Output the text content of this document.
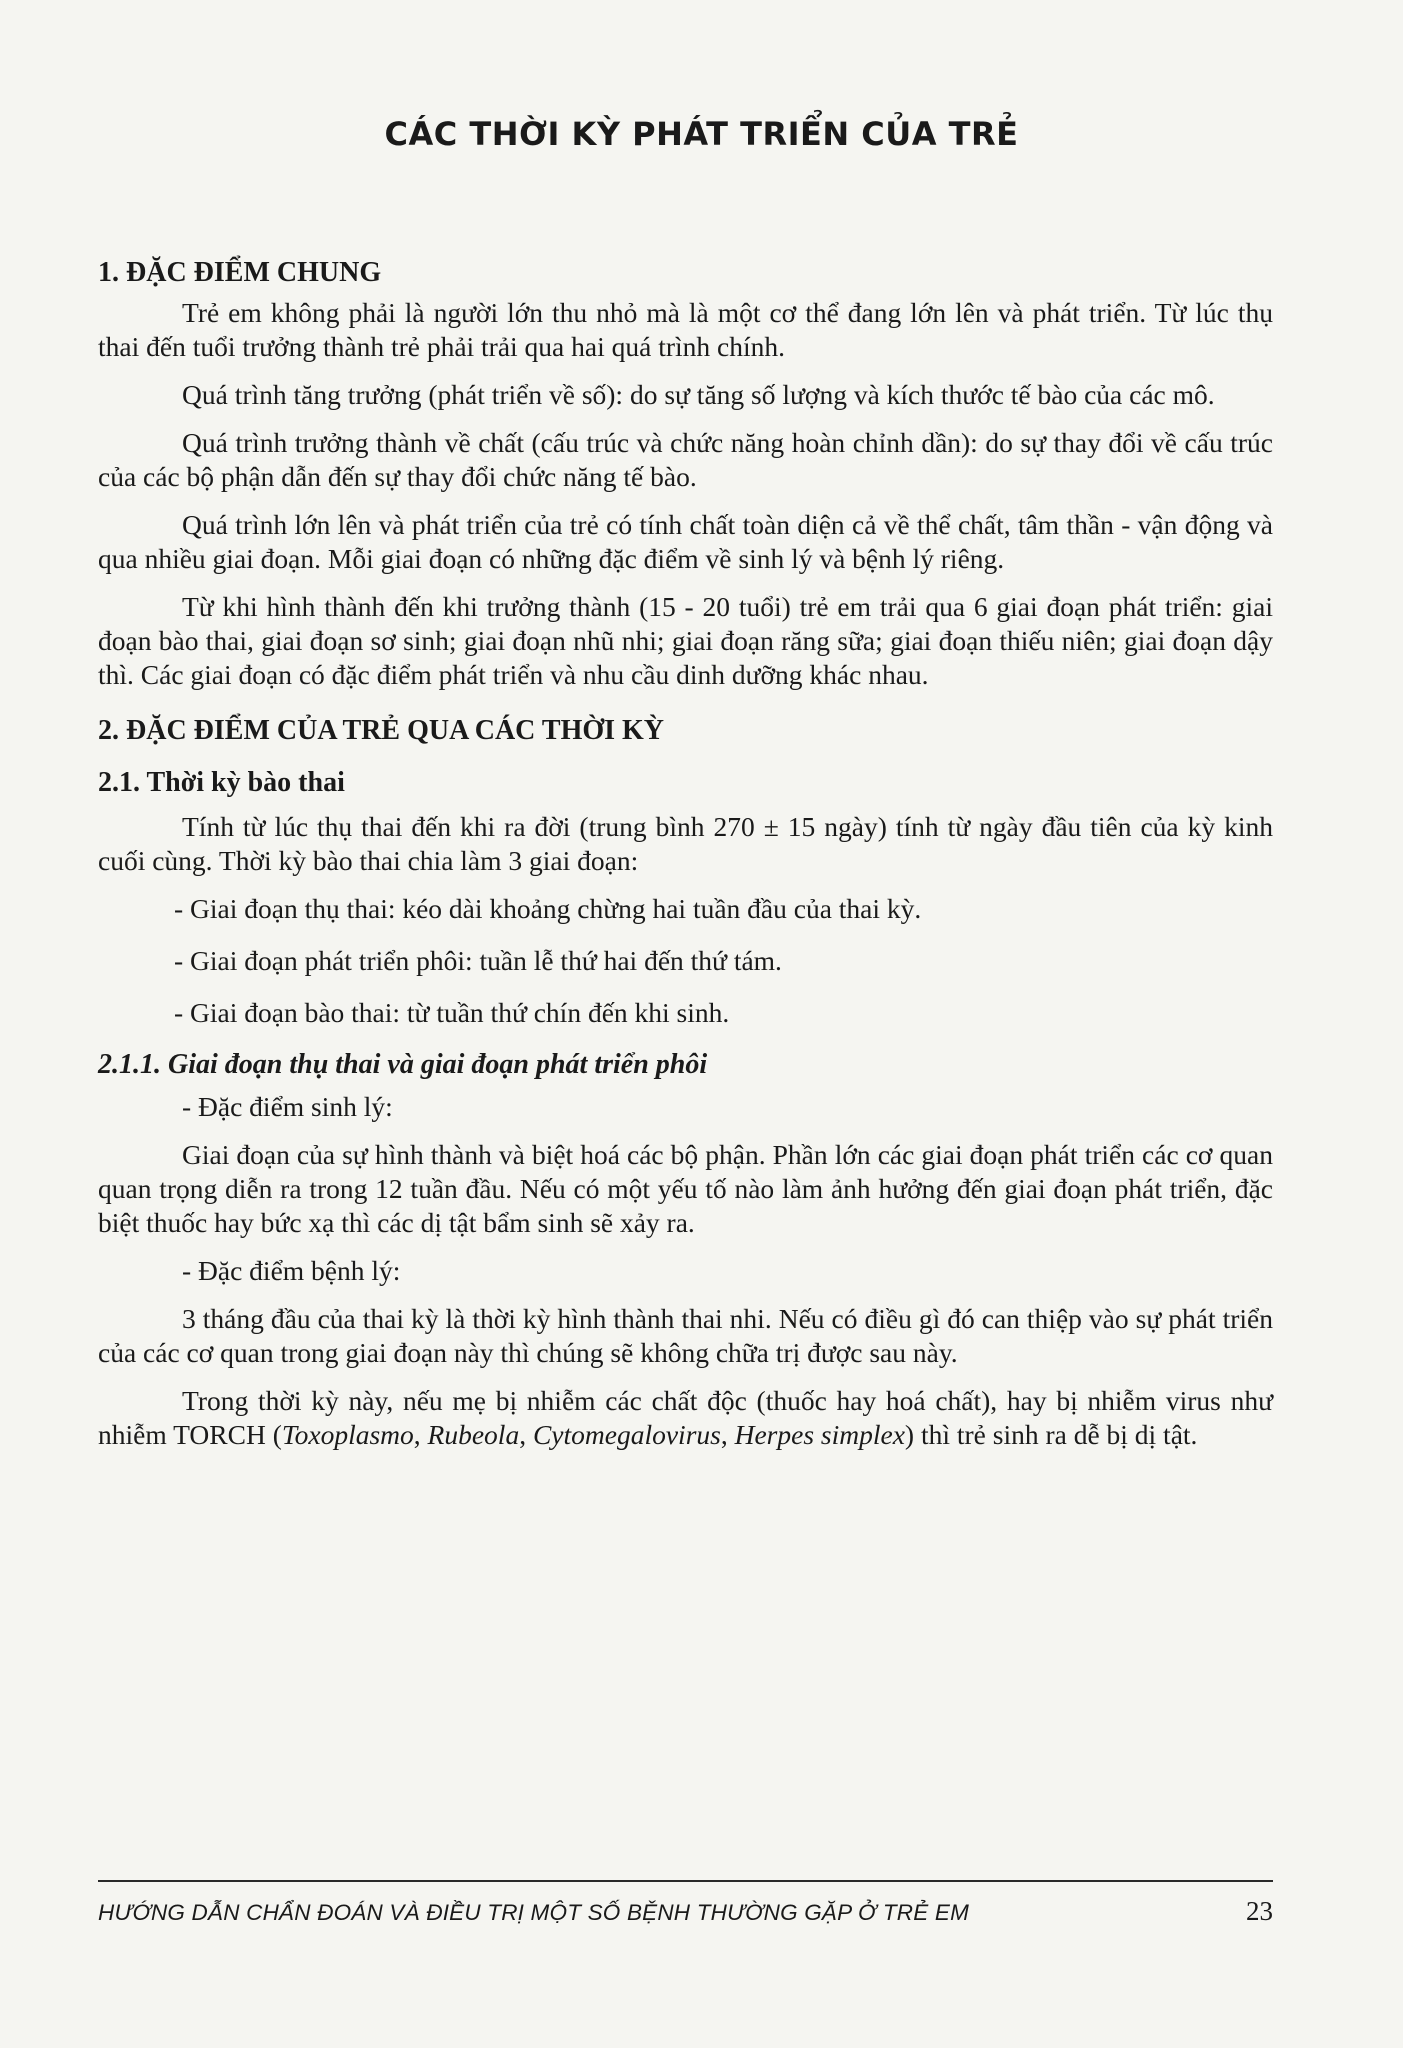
CÁC THỜI KỲ PHÁT TRIỂN CỦA TRẺ
1. ĐẶC ĐIỂM CHUNG

Trẻ em không phải là người lớn thu nhỏ mà là một cơ thể đang lớn lên và phát triển. Từ lúc thụ thai đến tuổi trưởng thành trẻ phải trải qua hai quá trình chính.

Quá trình tăng trưởng (phát triển về số): do sự tăng số lượng và kích thước tế bào của các mô.

Quá trình trưởng thành về chất (cấu trúc và chức năng hoàn chỉnh dần): do sự thay đổi về cấu trúc của các bộ phận dẫn đến sự thay đổi chức năng tế bào.

Quá trình lớn lên và phát triển của trẻ có tính chất toàn diện cả về thể chất, tâm thần - vận động và qua nhiều giai đoạn. Mỗi giai đoạn có những đặc điểm về sinh lý và bệnh lý riêng.

Từ khi hình thành đến khi trưởng thành (15 - 20 tuổi) trẻ em trải qua 6 giai đoạn phát triển: giai đoạn bào thai, giai đoạn sơ sinh; giai đoạn nhũ nhi; giai đoạn răng sữa; giai đoạn thiếu niên; giai đoạn dậy thì. Các giai đoạn có đặc điểm phát triển và nhu cầu dinh dưỡng khác nhau.

2. ĐẶC ĐIỂM CỦA TRẺ QUA CÁC THỜI KỲ
2.1. Thời kỳ bào thai

Tính từ lúc thụ thai đến khi ra đời (trung bình 270 ± 15 ngày) tính từ ngày đầu tiên của kỳ kinh cuối cùng. Thời kỳ bào thai chia làm 3 giai đoạn:

- Giai đoạn thụ thai: kéo dài khoảng chừng hai tuần đầu của thai kỳ.
- Giai đoạn phát triển phôi: tuần lễ thứ hai đến thứ tám.
- Giai đoạn bào thai: từ tuần thứ chín đến khi sinh.
2.1.1. Giai đoạn thụ thai và giai đoạn phát triển phôi
- Đặc điểm sinh lý:

Giai đoạn của sự hình thành và biệt hoá các bộ phận. Phần lớn các giai đoạn phát triển các cơ quan quan trọng diễn ra trong 12 tuần đầu. Nếu có một yếu tố nào làm ảnh hưởng đến giai đoạn phát triển, đặc biệt thuốc hay bức xạ thì các dị tật bẩm sinh sẽ xảy ra.

- Đặc điểm bệnh lý:

3 tháng đầu của thai kỳ là thời kỳ hình thành thai nhi. Nếu có điều gì đó can thiệp vào sự phát triển của các cơ quan trong giai đoạn này thì chúng sẽ không chữa trị được sau này.

Trong thời kỳ này, nếu mẹ bị nhiễm các chất độc (thuốc hay hoá chất), hay bị nhiễm virus như nhiễm TORCH (Toxoplasmo, Rubeola, Cytomegalovirus, Herpes simplex) thì trẻ sinh ra dễ bị dị tật.

HƯỚNG DẪN CHẨN ĐOÁN VÀ ĐIỀU TRỊ MỘT SỐ BỆNH THƯỜNG GẶP Ở TRẺ EM	23
